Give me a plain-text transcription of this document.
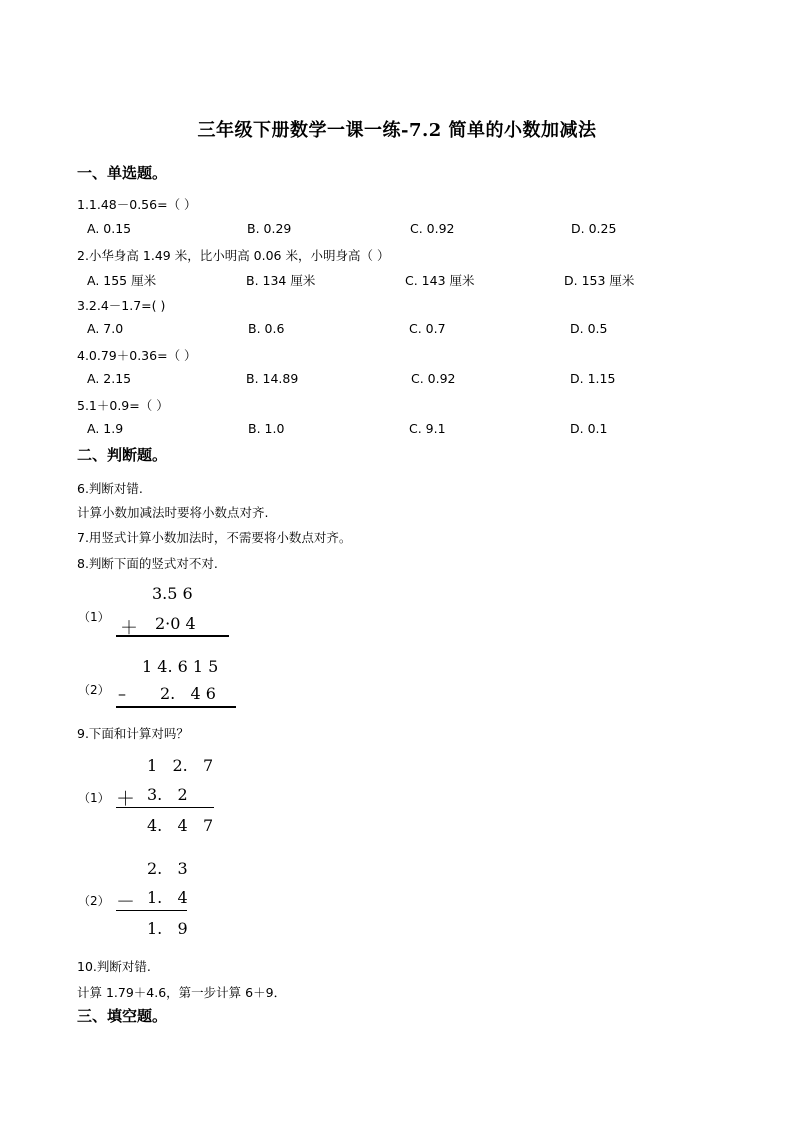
三年级下册数学一课一练-7.2 简单的小数加减法
一、单选题。
1.1.48－0.56=（ ）
A. 0.15	B. 0.29	C. 0.92	D. 0.25
2.小华身高 1.49 米，比小明高 0.06 米，小明身高（ ）
A. 155 厘米	B. 134 厘米	C. 143 厘米	D. 153 厘米
3.2.4－1.7=( )
A. 7.0	B. 0.6	C. 0.7	D. 0.5
4.0.79＋0.36=（ ）
A. 2.15	B. 14.89	C. 0.92	D. 1.15
5.1＋0.9=（ ）
A. 1.9	B. 1.0	C. 9.1	D. 0.1
二、判断题。
6.判断对错.
计算小数加减法时要将小数点对齐.
7.用竖式计算小数加法时，不需要将小数点对齐。
8.判断下面的竖式对不对.
（1）
3.5 6
＋ 2·0 4
（2）
1 4. 6 1 5
– 2.   4 6
9.下面和计算对吗？
（1）
1   2.   7
＋ 3.   2
4.   4   7
（2）
2.   3
－ 1.   4
1.   9
10.判断对错.
计算 1.79＋4.6，第一步计算 6＋9．
三、填空题。
